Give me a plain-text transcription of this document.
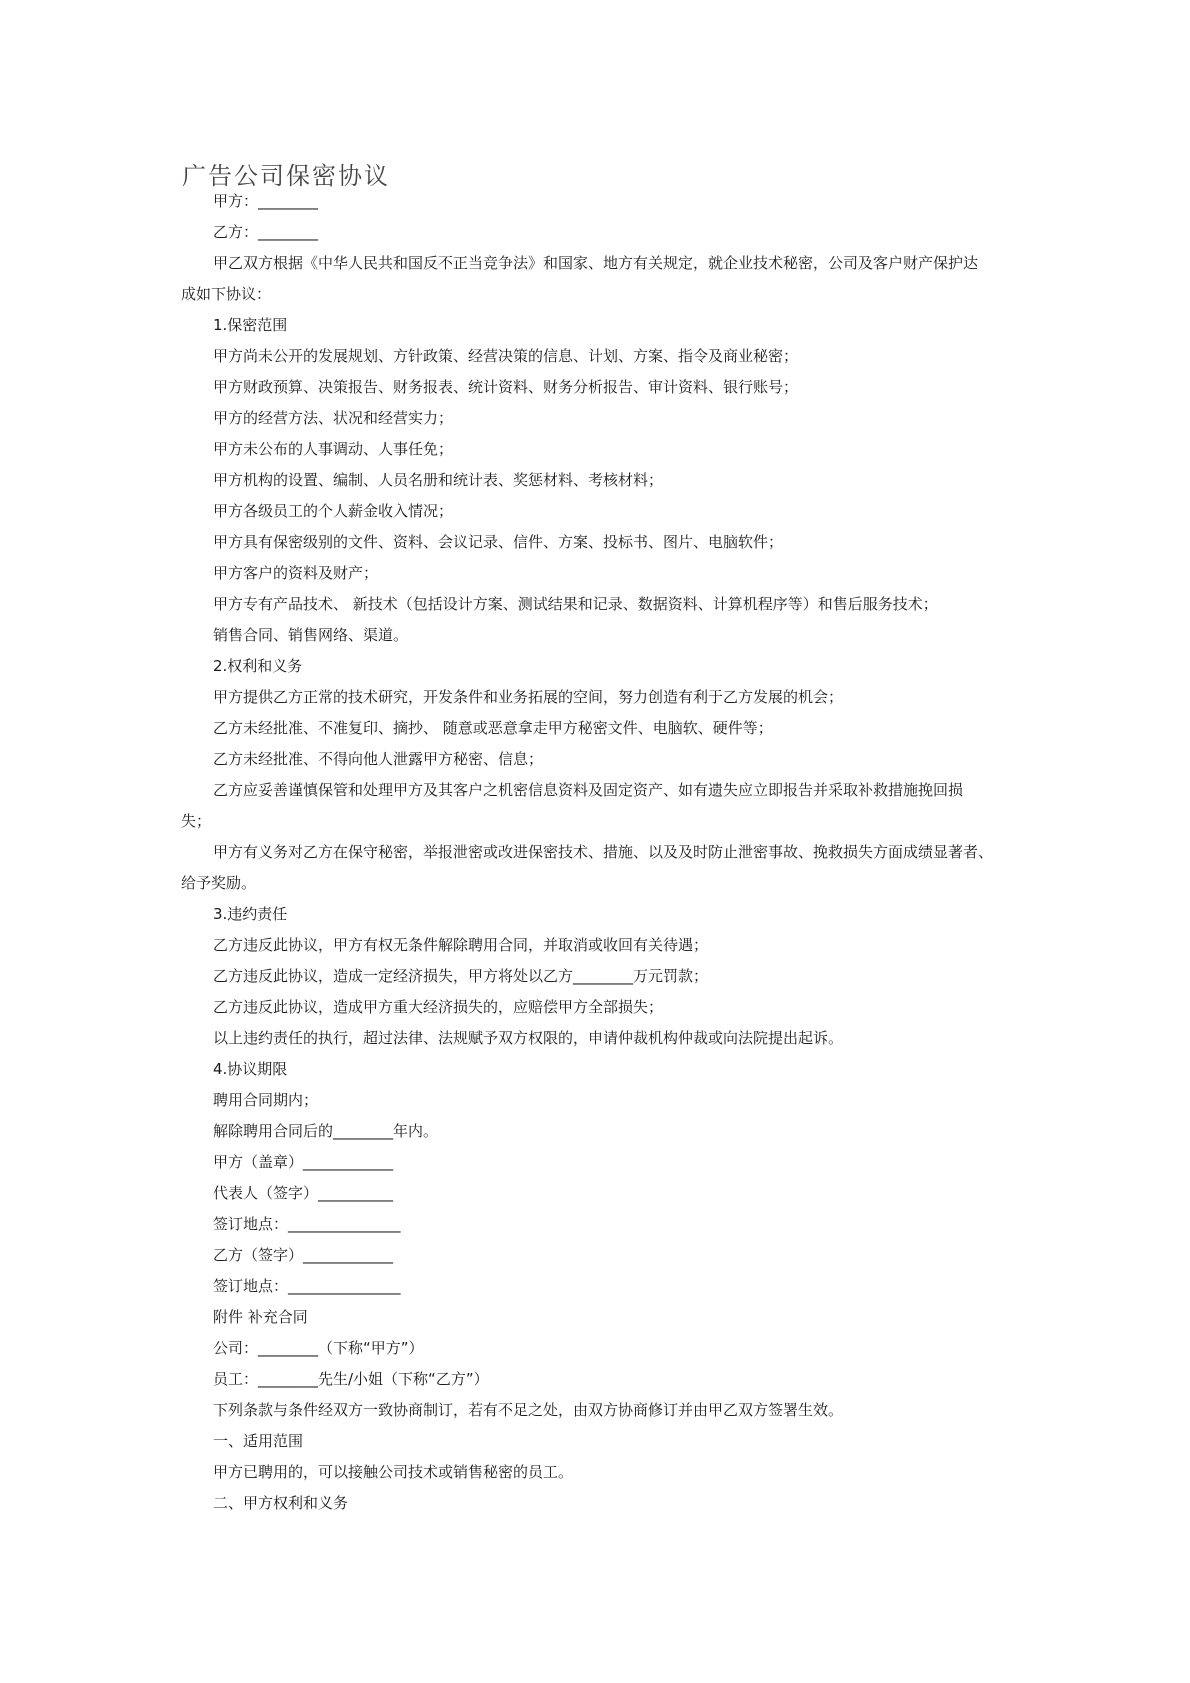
广告公司保密协议
甲方：________
乙方：________
甲乙双方根据《中华人民共和国反不正当竞争法》和国家、地方有关规定，就企业技术秘密，公司及客户财产保护达
成如下协议：
1.保密范围
甲方尚未公开的发展规划、方针政策、经营决策的信息、计划、方案、指令及商业秘密；
甲方财政预算、决策报告、财务报表、统计资料、财务分析报告、审计资料、银行账号；
甲方的经营方法、状况和经营实力；
甲方未公布的人事调动、人事任免；
甲方机构的设置、编制、人员名册和统计表、奖惩材料、考核材料；
甲方各级员工的个人薪金收入情况；
甲方具有保密级别的文件、资料、会议记录、信件、方案、投标书、图片、电脑软件；
甲方客户的资料及财产；
甲方专有产品技术、 新技术（包括设计方案、测试结果和记录、数据资料、计算机程序等）和售后服务技术；
销售合同、销售网络、渠道。
2.权利和义务
甲方提供乙方正常的技术研究，开发条件和业务拓展的空间，努力创造有利于乙方发展的机会；
乙方未经批准、不准复印、摘抄、 随意或恶意拿走甲方秘密文件、电脑软、硬件等；
乙方未经批准、不得向他人泄露甲方秘密、信息；
乙方应妥善谨慎保管和处理甲方及其客户之机密信息资料及固定资产、如有遗失应立即报告并采取补救措施挽回损
失；
甲方有义务对乙方在保守秘密，举报泄密或改进保密技术、措施、以及及时防止泄密事故、挽救损失方面成绩显著者、
给予奖励。
3.违约责任
乙方违反此协议，甲方有权无条件解除聘用合同，并取消或收回有关待遇；
乙方违反此协议，造成一定经济损失，甲方将处以乙方________万元罚款；
乙方违反此协议，造成甲方重大经济损失的，应赔偿甲方全部损失；
以上违约责任的执行，超过法律、法规赋予双方权限的，申请仲裁机构仲裁或向法院提出起诉。
4.协议期限
聘用合同期内；
解除聘用合同后的________年内。
甲方（盖章）____________
代表人（签字）__________
签订地点：_______________
乙方（签字）____________
签订地点：_______________
附件 补充合同
公司：________（下称“甲方”）
员工：________先生/小姐（下称“乙方”）
下列条款与条件经双方一致协商制订，若有不足之处，由双方协商修订并由甲乙双方签署生效。
一、适用范围
甲方已聘用的，可以接触公司技术或销售秘密的员工。
二、甲方权利和义务
